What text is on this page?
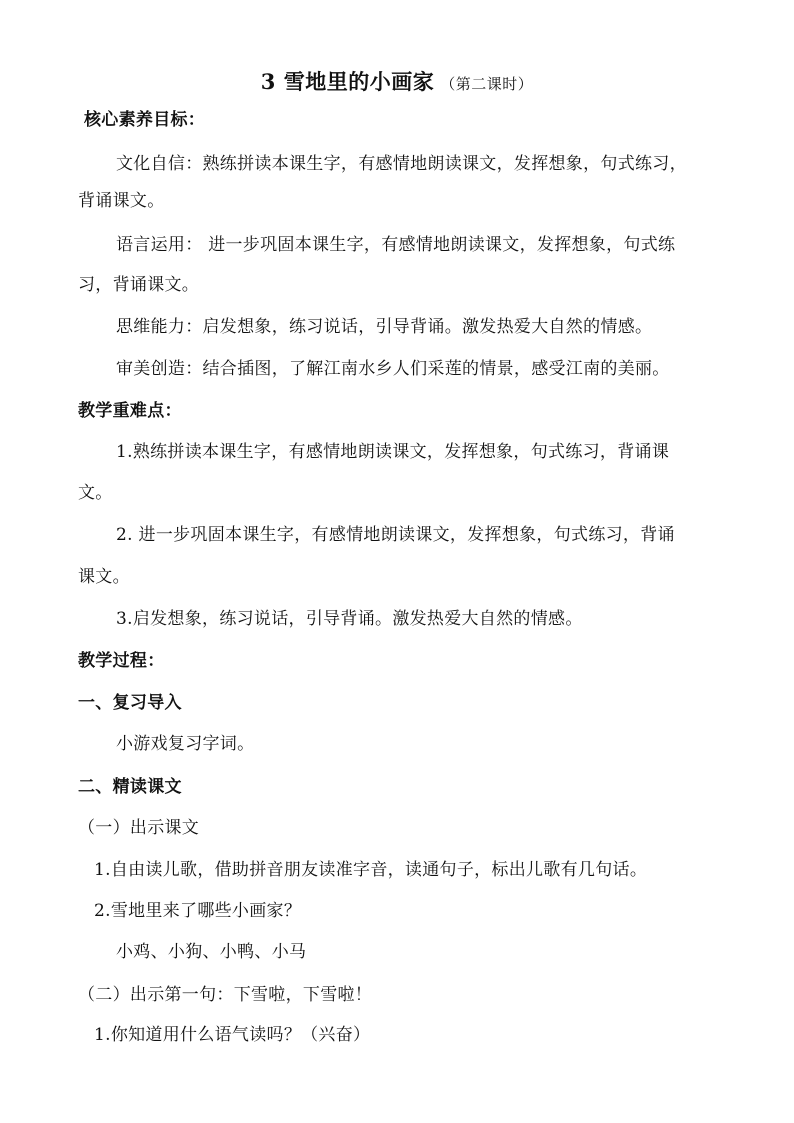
3 雪地里的小画家 （第二课时）
核心素养目标：
文化自信：熟练拼读本课生字，有感情地朗读课文，发挥想象，句式练习，
背诵课文。
语言运用： 进一步巩固本课生字，有感情地朗读课文，发挥想象，句式练
习，背诵课文。
思维能力：启发想象，练习说话，引导背诵。激发热爱大自然的情感。
审美创造：结合插图，了解江南水乡人们采莲的情景，感受江南的美丽。
教学重难点：
1.熟练拼读本课生字，有感情地朗读课文，发挥想象，句式练习，背诵课
文。
2. 进一步巩固本课生字，有感情地朗读课文，发挥想象，句式练习，背诵
课文。
3.启发想象，练习说话，引导背诵。激发热爱大自然的情感。
教学过程：
一、复习导入
小游戏复习字词。
二、精读课文
（一）出示课文
1.自由读儿歌，借助拼音朋友读准字音，读通句子，标出儿歌有几句话。
2.雪地里来了哪些小画家？
小鸡、小狗、小鸭、小马
（二）出示第一句：下雪啦，下雪啦！
1.你知道用什么语气读吗？（兴奋）
